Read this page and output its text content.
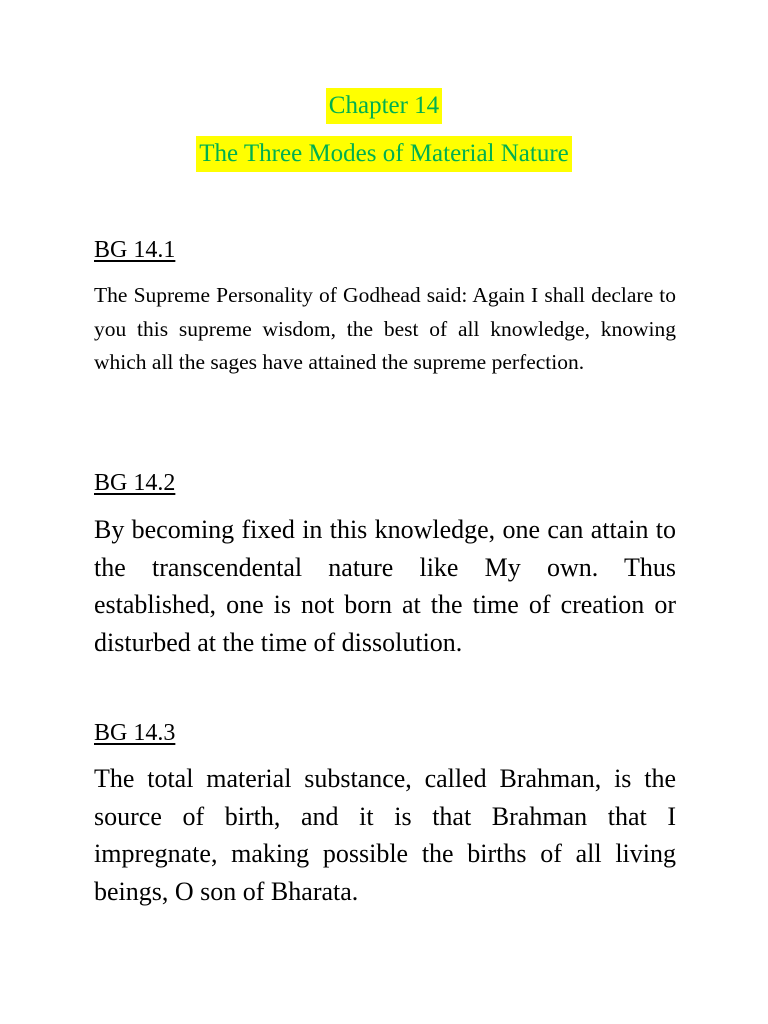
Chapter 14
The Three Modes of Material Nature
BG 14.1
The Supreme Personality of Godhead said: Again I shall declare to you this supreme wisdom, the best of all knowledge, knowing which all the sages have attained the supreme perfection.
BG 14.2
By becoming fixed in this knowledge, one can attain to the transcendental nature like My own. Thus established, one is not born at the time of creation or disturbed at the time of dissolution.
BG 14.3
The total material substance, called Brahman, is the source of birth, and it is that Brahman that I impregnate, making possible the births of all living beings, O son of Bharata.
